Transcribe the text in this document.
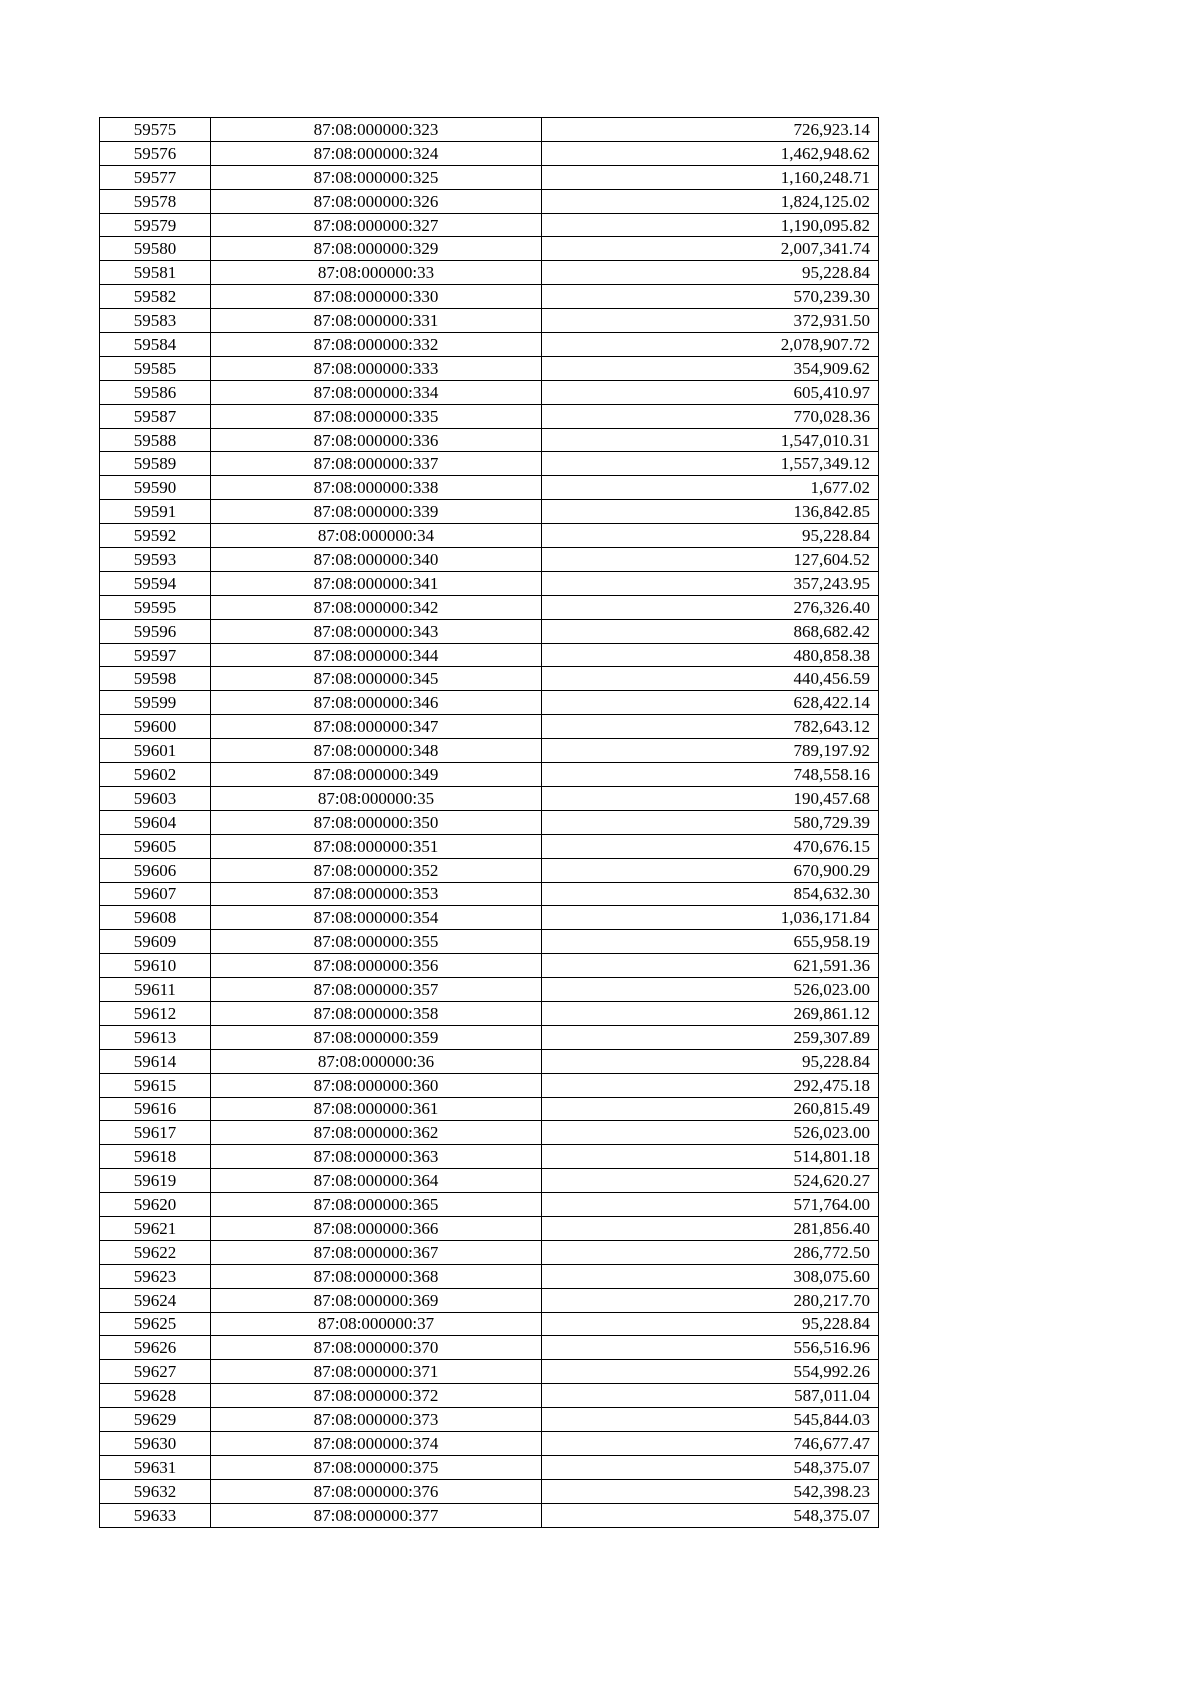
59575	87:08:000000:323	726,923.14
59576	87:08:000000:324	1,462,948.62
59577	87:08:000000:325	1,160,248.71
59578	87:08:000000:326	1,824,125.02
59579	87:08:000000:327	1,190,095.82
59580	87:08:000000:329	2,007,341.74
59581	87:08:000000:33	95,228.84
59582	87:08:000000:330	570,239.30
59583	87:08:000000:331	372,931.50
59584	87:08:000000:332	2,078,907.72
59585	87:08:000000:333	354,909.62
59586	87:08:000000:334	605,410.97
59587	87:08:000000:335	770,028.36
59588	87:08:000000:336	1,547,010.31
59589	87:08:000000:337	1,557,349.12
59590	87:08:000000:338	1,677.02
59591	87:08:000000:339	136,842.85
59592	87:08:000000:34	95,228.84
59593	87:08:000000:340	127,604.52
59594	87:08:000000:341	357,243.95
59595	87:08:000000:342	276,326.40
59596	87:08:000000:343	868,682.42
59597	87:08:000000:344	480,858.38
59598	87:08:000000:345	440,456.59
59599	87:08:000000:346	628,422.14
59600	87:08:000000:347	782,643.12
59601	87:08:000000:348	789,197.92
59602	87:08:000000:349	748,558.16
59603	87:08:000000:35	190,457.68
59604	87:08:000000:350	580,729.39
59605	87:08:000000:351	470,676.15
59606	87:08:000000:352	670,900.29
59607	87:08:000000:353	854,632.30
59608	87:08:000000:354	1,036,171.84
59609	87:08:000000:355	655,958.19
59610	87:08:000000:356	621,591.36
59611	87:08:000000:357	526,023.00
59612	87:08:000000:358	269,861.12
59613	87:08:000000:359	259,307.89
59614	87:08:000000:36	95,228.84
59615	87:08:000000:360	292,475.18
59616	87:08:000000:361	260,815.49
59617	87:08:000000:362	526,023.00
59618	87:08:000000:363	514,801.18
59619	87:08:000000:364	524,620.27
59620	87:08:000000:365	571,764.00
59621	87:08:000000:366	281,856.40
59622	87:08:000000:367	286,772.50
59623	87:08:000000:368	308,075.60
59624	87:08:000000:369	280,217.70
59625	87:08:000000:37	95,228.84
59626	87:08:000000:370	556,516.96
59627	87:08:000000:371	554,992.26
59628	87:08:000000:372	587,011.04
59629	87:08:000000:373	545,844.03
59630	87:08:000000:374	746,677.47
59631	87:08:000000:375	548,375.07
59632	87:08:000000:376	542,398.23
59633	87:08:000000:377	548,375.07
